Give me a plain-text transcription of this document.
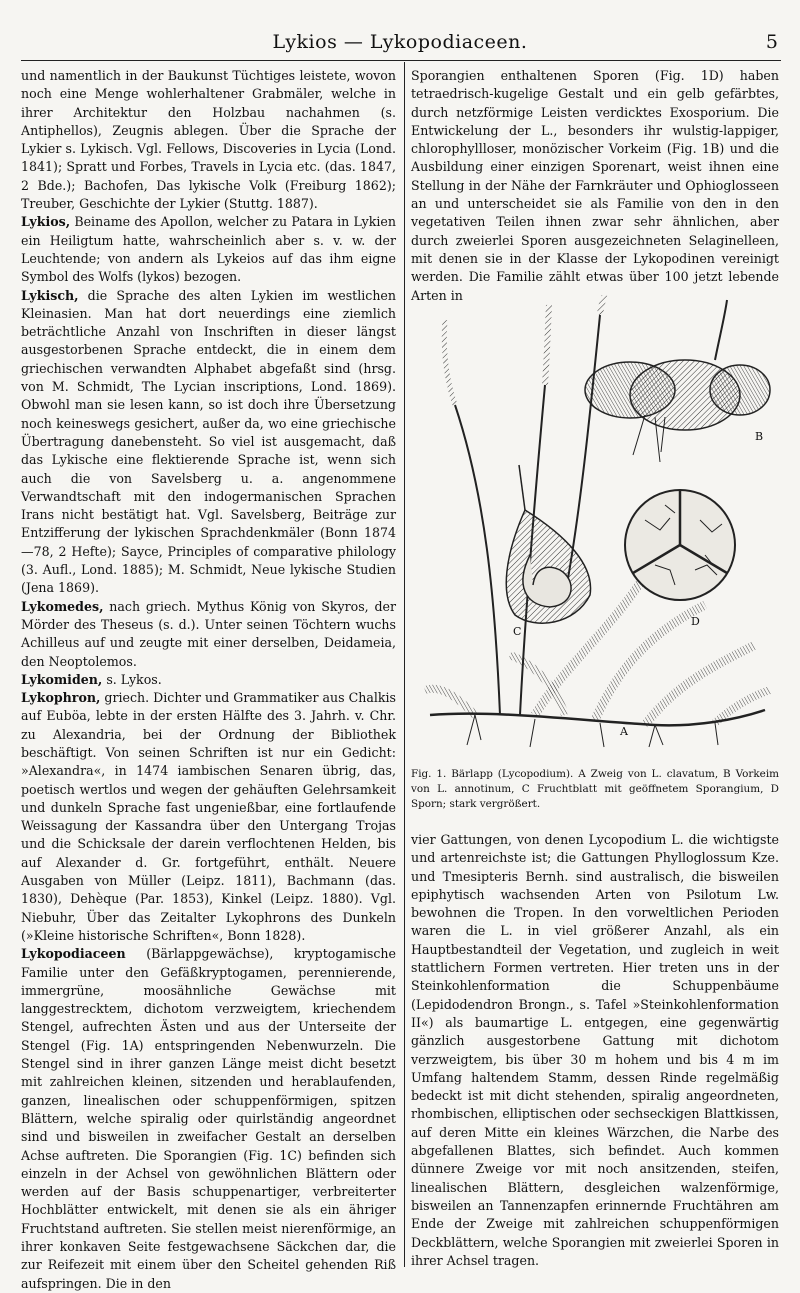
Lykios — Lykopodiaceen.	5

und namentlich in der Baukunst Tüchtiges leistete, wovon noch eine Menge wohlerhaltener Grabmäler, welche in ihrer Architektur den Holzbau nachahmen (s. Antiphellos), Zeugnis ablegen. Über die Sprache der Lykier s. Lykisch. Vgl. Fellows, Discoveries in Lycia (Lond. 1841); Spratt und Forbes, Travels in Lycia etc. (das. 1847, 2 Bde.); Bachofen, Das lykische Volk (Freiburg 1862); Treuber, Geschichte der Lykier (Stuttg. 1887).

Lykios, Beiname des Apollon, welcher zu Patara in Lykien ein Heiligtum hatte, wahrscheinlich aber s. v. w. der Leuchtende; von andern als Lykeios auf das ihm eigne Symbol des Wolfs (lykos) bezogen.

Lykisch, die Sprache des alten Lykien im westlichen Kleinasien. Man hat dort neuerdings eine ziemlich beträchtliche Anzahl von Inschriften in dieser längst ausgestorbenen Sprache entdeckt, die in einem dem griechischen verwandten Alphabet abgefaßt sind (hrsg. von M. Schmidt, The Lycian inscriptions, Lond. 1869). Obwohl man sie lesen kann, so ist doch ihre Übersetzung noch keineswegs gesichert, außer da, wo eine griechische Übertragung danebensteht. So viel ist ausgemacht, daß das Lykische eine flektierende Sprache ist, wenn sich auch die von Savelsberg u. a. angenommene Verwandtschaft mit den indogermanischen Sprachen Irans nicht bestätigt hat. Vgl. Savelsberg, Beiträge zur Entzifferung der lykischen Sprachdenkmäler (Bonn 1874—78, 2 Hefte); Sayce, Principles of comparative philology (3. Aufl., Lond. 1885); M. Schmidt, Neue lykische Studien (Jena 1869).

Lykomedes, nach griech. Mythus König von Skyros, der Mörder des Theseus (s. d.). Unter seinen Töchtern wuchs Achilleus auf und zeugte mit einer derselben, Deidameia, den Neoptolemos.

Lykomiden, s. Lykos.

Lykophron, griech. Dichter und Grammatiker aus Chalkis auf Euböa, lebte in der ersten Hälfte des 3. Jahrh. v. Chr. zu Alexandria, bei der Ordnung der Bibliothek beschäftigt. Von seinen Schriften ist nur ein Gedicht: »Alexandra«, in 1474 iambischen Senaren übrig, das, poetisch wertlos und wegen der gehäuften Gelehrsamkeit und dunkeln Sprache fast ungenießbar, eine fortlaufende Weissagung der Kassandra über den Untergang Trojas und die Schicksale der darein verflochtenen Helden, bis auf Alexander d. Gr. fortgeführt, enthält. Neuere Ausgaben von Müller (Leipz. 1811), Bachmann (das. 1830), Dehèque (Par. 1853), Kinkel (Leipz. 1880). Vgl. Niebuhr, Über das Zeitalter Lykophrons des Dunkeln (»Kleine historische Schriften«, Bonn 1828).

Lykopodiaceen (Bärlappgewächse), kryptogamische Familie unter den Gefäßkryptogamen, perennierende, immergrüne, moosähnliche Gewächse mit langgestrecktem, dichotom verzweigtem, kriechendem Stengel, aufrechten Ästen und aus der Unterseite der Stengel (Fig. 1A) entspringenden Nebenwurzeln. Die Stengel sind in ihrer ganzen Länge meist dicht besetzt mit zahlreichen kleinen, sitzenden und herablaufenden, ganzen, linealischen oder schuppenförmigen, spitzen Blättern, welche spiralig oder quirlständig angeordnet sind und bisweilen in zweifacher Gestalt an derselben Achse auftreten. Die Sporangien (Fig. 1C) befinden sich einzeln in der Achsel von gewöhnlichen Blättern oder werden auf der Basis schuppenartiger, verbreiterter Hochblätter entwickelt, mit denen sie als ein ähriger Fruchtstand auftreten. Sie stellen meist nierenförmige, an ihrer konkaven Seite festgewachsene Säckchen dar, die zur Reifezeit mit einem über den Scheitel gehenden Riß aufspringen. Die in den

Sporangien enthaltenen Sporen (Fig. 1D) haben tetraedrisch-kugelige Gestalt und ein gelb gefärbtes, durch netzförmige Leisten verdicktes Exosporium. Die Entwickelung der L., besonders ihr wulstig-lappiger, chlorophyllloser, monözischer Vorkeim (Fig. 1B) und die Ausbildung einer einzigen Sporenart, weist ihnen eine Stellung in der Nähe der Farnkräuter und Ophioglosseen an und unterscheidet sie als Familie von den in den vegetativen Teilen ihnen zwar sehr ähnlichen, aber durch zweierlei Sporen ausgezeichneten Selaginelleen, mit denen sie in der Klasse der Lykopodinen vereinigt werden. Die Familie zählt etwas über 100 jetzt lebende Arten in

A
B
C
D
Fig. 1. Bärlapp (Lycopodium). A Zweig von L. clavatum, B Vorkeim von L. annotinum, C Fruchtblatt mit geöffnetem Sporangium, D Sporn; stark vergrößert.

vier Gattungen, von denen Lycopodium L. die wichtigste und artenreichste ist; die Gattungen Phylloglossum Kze. und Tmesipteris Bernh. sind australisch, die bisweilen epiphytisch wachsenden Arten von Psilotum Lw. bewohnen die Tropen. In den vorweltlichen Perioden waren die L. in viel größerer Anzahl, als ein Hauptbestandteil der Vegetation, und zugleich in weit stattlichern Formen vertreten. Hier treten uns in der Steinkohlenformation die Schuppenbäume (Lepidodendron Brongn., s. Tafel »Steinkohlenformation II«) als baumartige L. entgegen, eine gegenwärtig gänzlich ausgestorbene Gattung mit dichotom verzweigtem, bis über 30 m hohem und bis 4 m im Umfang haltendem Stamm, dessen Rinde regelmäßig bedeckt ist mit dicht stehenden, spiralig angeordneten, rhombischen, elliptischen oder sechseckigen Blattkissen, auf deren Mitte ein kleines Wärzchen, die Narbe des abgefallenen Blattes, sich befindet. Auch kommen dünnere Zweige vor mit noch ansitzenden, steifen, linealischen Blättern, desgleichen walzenförmige, bisweilen an Tannenzapfen erinnernde Fruchtähren am Ende der Zweige mit zahlreichen schuppenförmigen Deckblättern, welche Sporangien mit zweierlei Sporen in ihrer Achsel tragen.
